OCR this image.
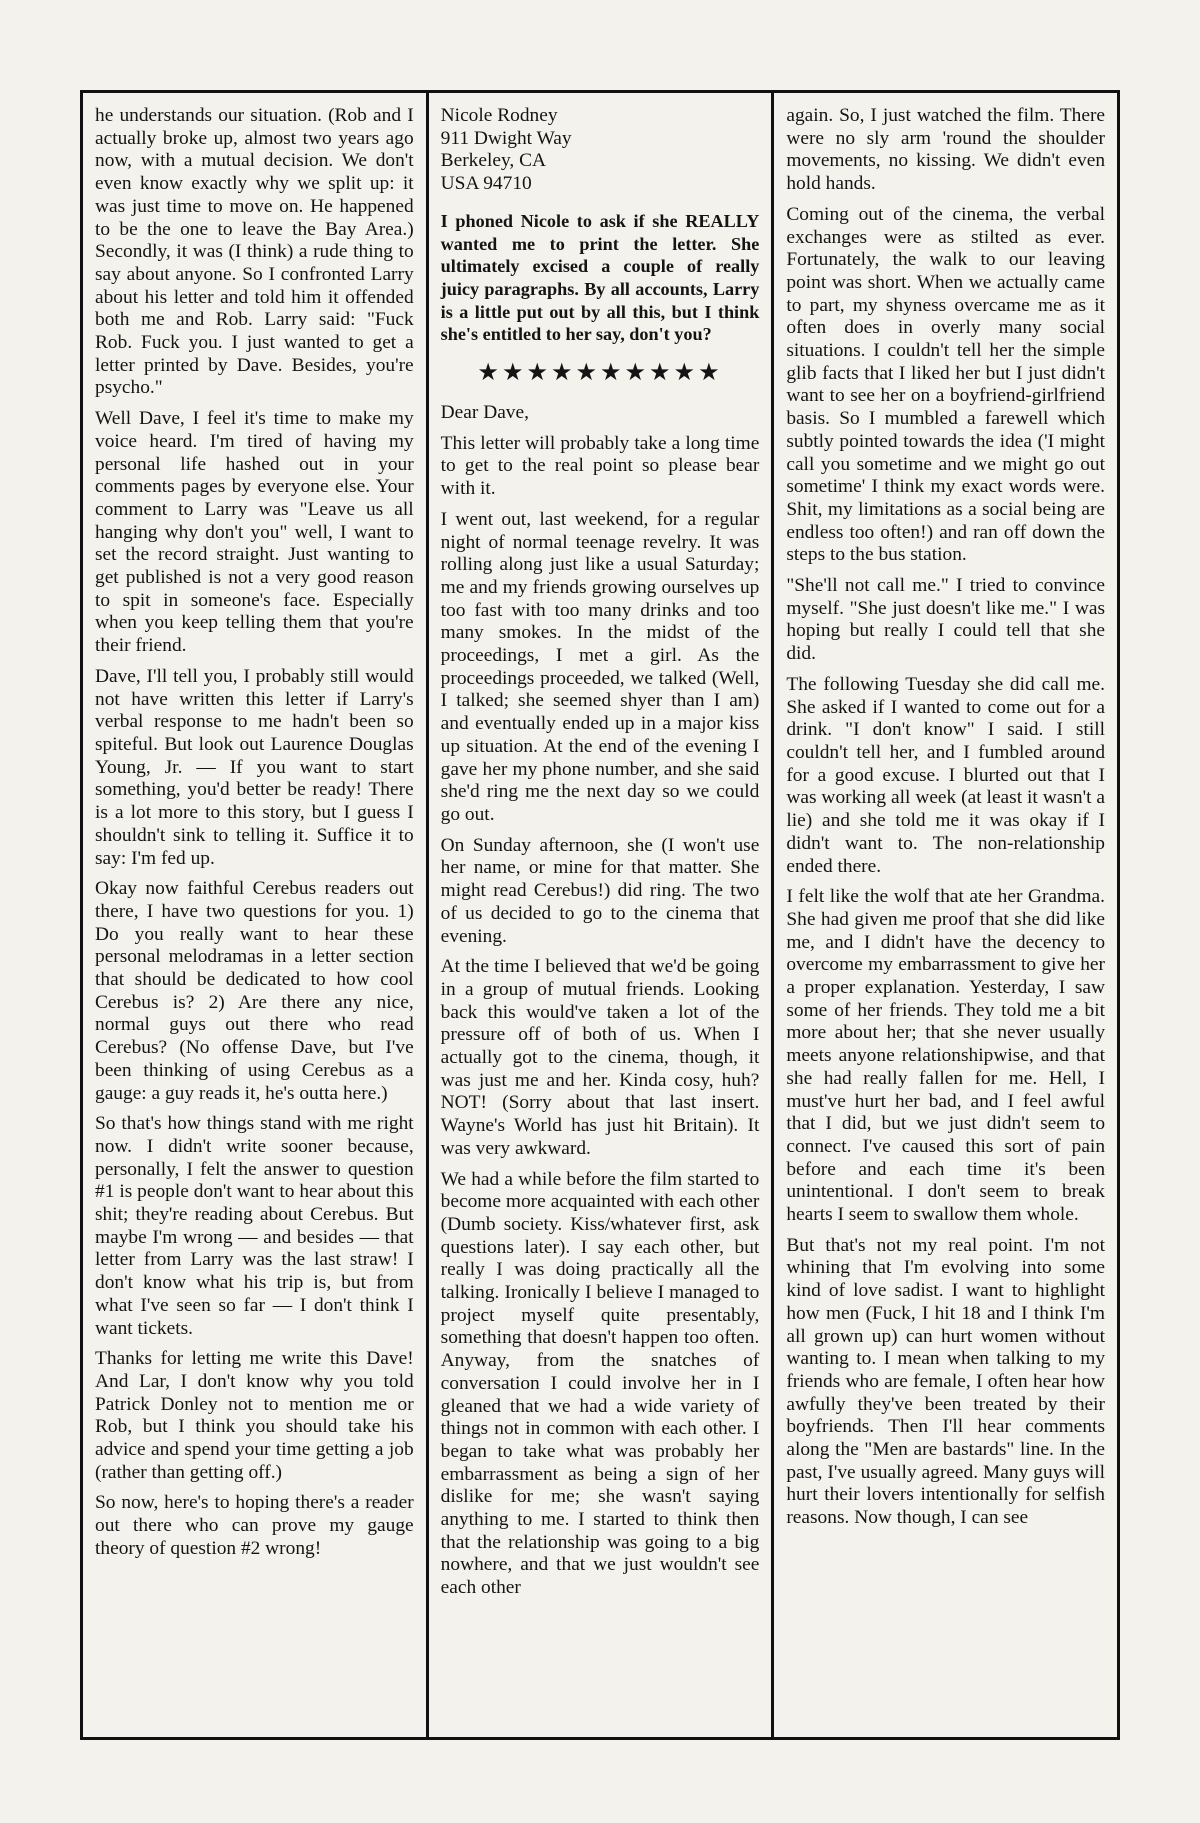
he understands our situation. (Rob and I actually broke up, almost two years ago now, with a mutual decision. We don't even know exactly why we split up: it was just time to move on. He happened to be the one to leave the Bay Area.) Secondly, it was (I think) a rude thing to say about anyone. So I confronted Larry about his letter and told him it offended both me and Rob. Larry said: "Fuck Rob. Fuck you. I just wanted to get a letter printed by Dave. Besides, you're psycho."

Well Dave, I feel it's time to make my voice heard. I'm tired of having my personal life hashed out in your comments pages by everyone else. Your comment to Larry was "Leave us all hanging why don't you" well, I want to set the record straight. Just wanting to get published is not a very good reason to spit in someone's face. Especially when you keep telling them that you're their friend.

Dave, I'll tell you, I probably still would not have written this letter if Larry's verbal response to me hadn't been so spiteful. But look out Laurence Douglas Young, Jr. — If you want to start something, you'd better be ready! There is a lot more to this story, but I guess I shouldn't sink to telling it. Suffice it to say: I'm fed up.

Okay now faithful Cerebus readers out there, I have two questions for you. 1) Do you really want to hear these personal melodramas in a letter section that should be dedicated to how cool Cerebus is? 2) Are there any nice, normal guys out there who read Cerebus? (No offense Dave, but I've been thinking of using Cerebus as a gauge: a guy reads it, he's outta here.)

So that's how things stand with me right now. I didn't write sooner because, personally, I felt the answer to question #1 is people don't want to hear about this shit; they're reading about Cerebus. But maybe I'm wrong — and besides — that letter from Larry was the last straw! I don't know what his trip is, but from what I've seen so far — I don't think I want tickets.

Thanks for letting me write this Dave! And Lar, I don't know why you told Patrick Donley not to mention me or Rob, but I think you should take his advice and spend your time getting a job (rather than getting off.)

So now, here's to hoping there's a reader out there who can prove my gauge theory of question #2 wrong!

Nicole Rodney
911 Dwight Way
Berkeley, CA
USA 94710

I phoned Nicole to ask if she REALLY wanted me to print the letter. She ultimately excised a couple of really juicy paragraphs. By all accounts, Larry is a little put out by all this, but I think she's entitled to her say, don't you?

★★★★★★★★★★

Dear Dave,

This letter will probably take a long time to get to the real point so please bear with it.

I went out, last weekend, for a regular night of normal teenage revelry. It was rolling along just like a usual Saturday; me and my friends growing ourselves up too fast with too many drinks and too many smokes. In the midst of the proceedings, I met a girl. As the proceedings proceeded, we talked (Well, I talked; she seemed shyer than I am) and eventually ended up in a major kiss up situation. At the end of the evening I gave her my phone number, and she said she'd ring me the next day so we could go out.

On Sunday afternoon, she (I won't use her name, or mine for that matter. She might read Cerebus!) did ring. The two of us decided to go to the cinema that evening.

At the time I believed that we'd be going in a group of mutual friends. Looking back this would've taken a lot of the pressure off of both of us. When I actually got to the cinema, though, it was just me and her. Kinda cosy, huh? NOT! (Sorry about that last insert. Wayne's World has just hit Britain). It was very awkward.

We had a while before the film started to become more acquainted with each other (Dumb society. Kiss/whatever first, ask questions later). I say each other, but really I was doing practically all the talking. Ironically I believe I managed to project myself quite presentably, something that doesn't happen too often. Anyway, from the snatches of conversation I could involve her in I gleaned that we had a wide variety of things not in common with each other. I began to take what was probably her embarrassment as being a sign of her dislike for me; she wasn't saying anything to me. I started to think then that the relationship was going to a big nowhere, and that we just wouldn't see each other

again. So, I just watched the film. There were no sly arm 'round the shoulder movements, no kissing. We didn't even hold hands.

Coming out of the cinema, the verbal exchanges were as stilted as ever. Fortunately, the walk to our leaving point was short. When we actually came to part, my shyness overcame me as it often does in overly many social situations. I couldn't tell her the simple glib facts that I liked her but I just didn't want to see her on a boyfriend-girlfriend basis. So I mumbled a farewell which subtly pointed towards the idea ('I might call you sometime and we might go out sometime' I think my exact words were. Shit, my limitations as a social being are endless too often!) and ran off down the steps to the bus station.

"She'll not call me." I tried to convince myself. "She just doesn't like me." I was hoping but really I could tell that she did.

The following Tuesday she did call me. She asked if I wanted to come out for a drink. "I don't know" I said. I still couldn't tell her, and I fumbled around for a good excuse. I blurted out that I was working all week (at least it wasn't a lie) and she told me it was okay if I didn't want to. The non-relationship ended there.

I felt like the wolf that ate her Grandma. She had given me proof that she did like me, and I didn't have the decency to overcome my embarrassment to give her a proper explanation. Yesterday, I saw some of her friends. They told me a bit more about her; that she never usually meets anyone relationshipwise, and that she had really fallen for me. Hell, I must've hurt her bad, and I feel awful that I did, but we just didn't seem to connect. I've caused this sort of pain before and each time it's been unintentional. I don't seem to break hearts I seem to swallow them whole.

But that's not my real point. I'm not whining that I'm evolving into some kind of love sadist. I want to highlight how men (Fuck, I hit 18 and I think I'm all grown up) can hurt women without wanting to. I mean when talking to my friends who are female, I often hear how awfully they've been treated by their boyfriends. Then I'll hear comments along the "Men are bastards" line. In the past, I've usually agreed. Many guys will hurt their lovers intentionally for selfish reasons. Now though, I can see
